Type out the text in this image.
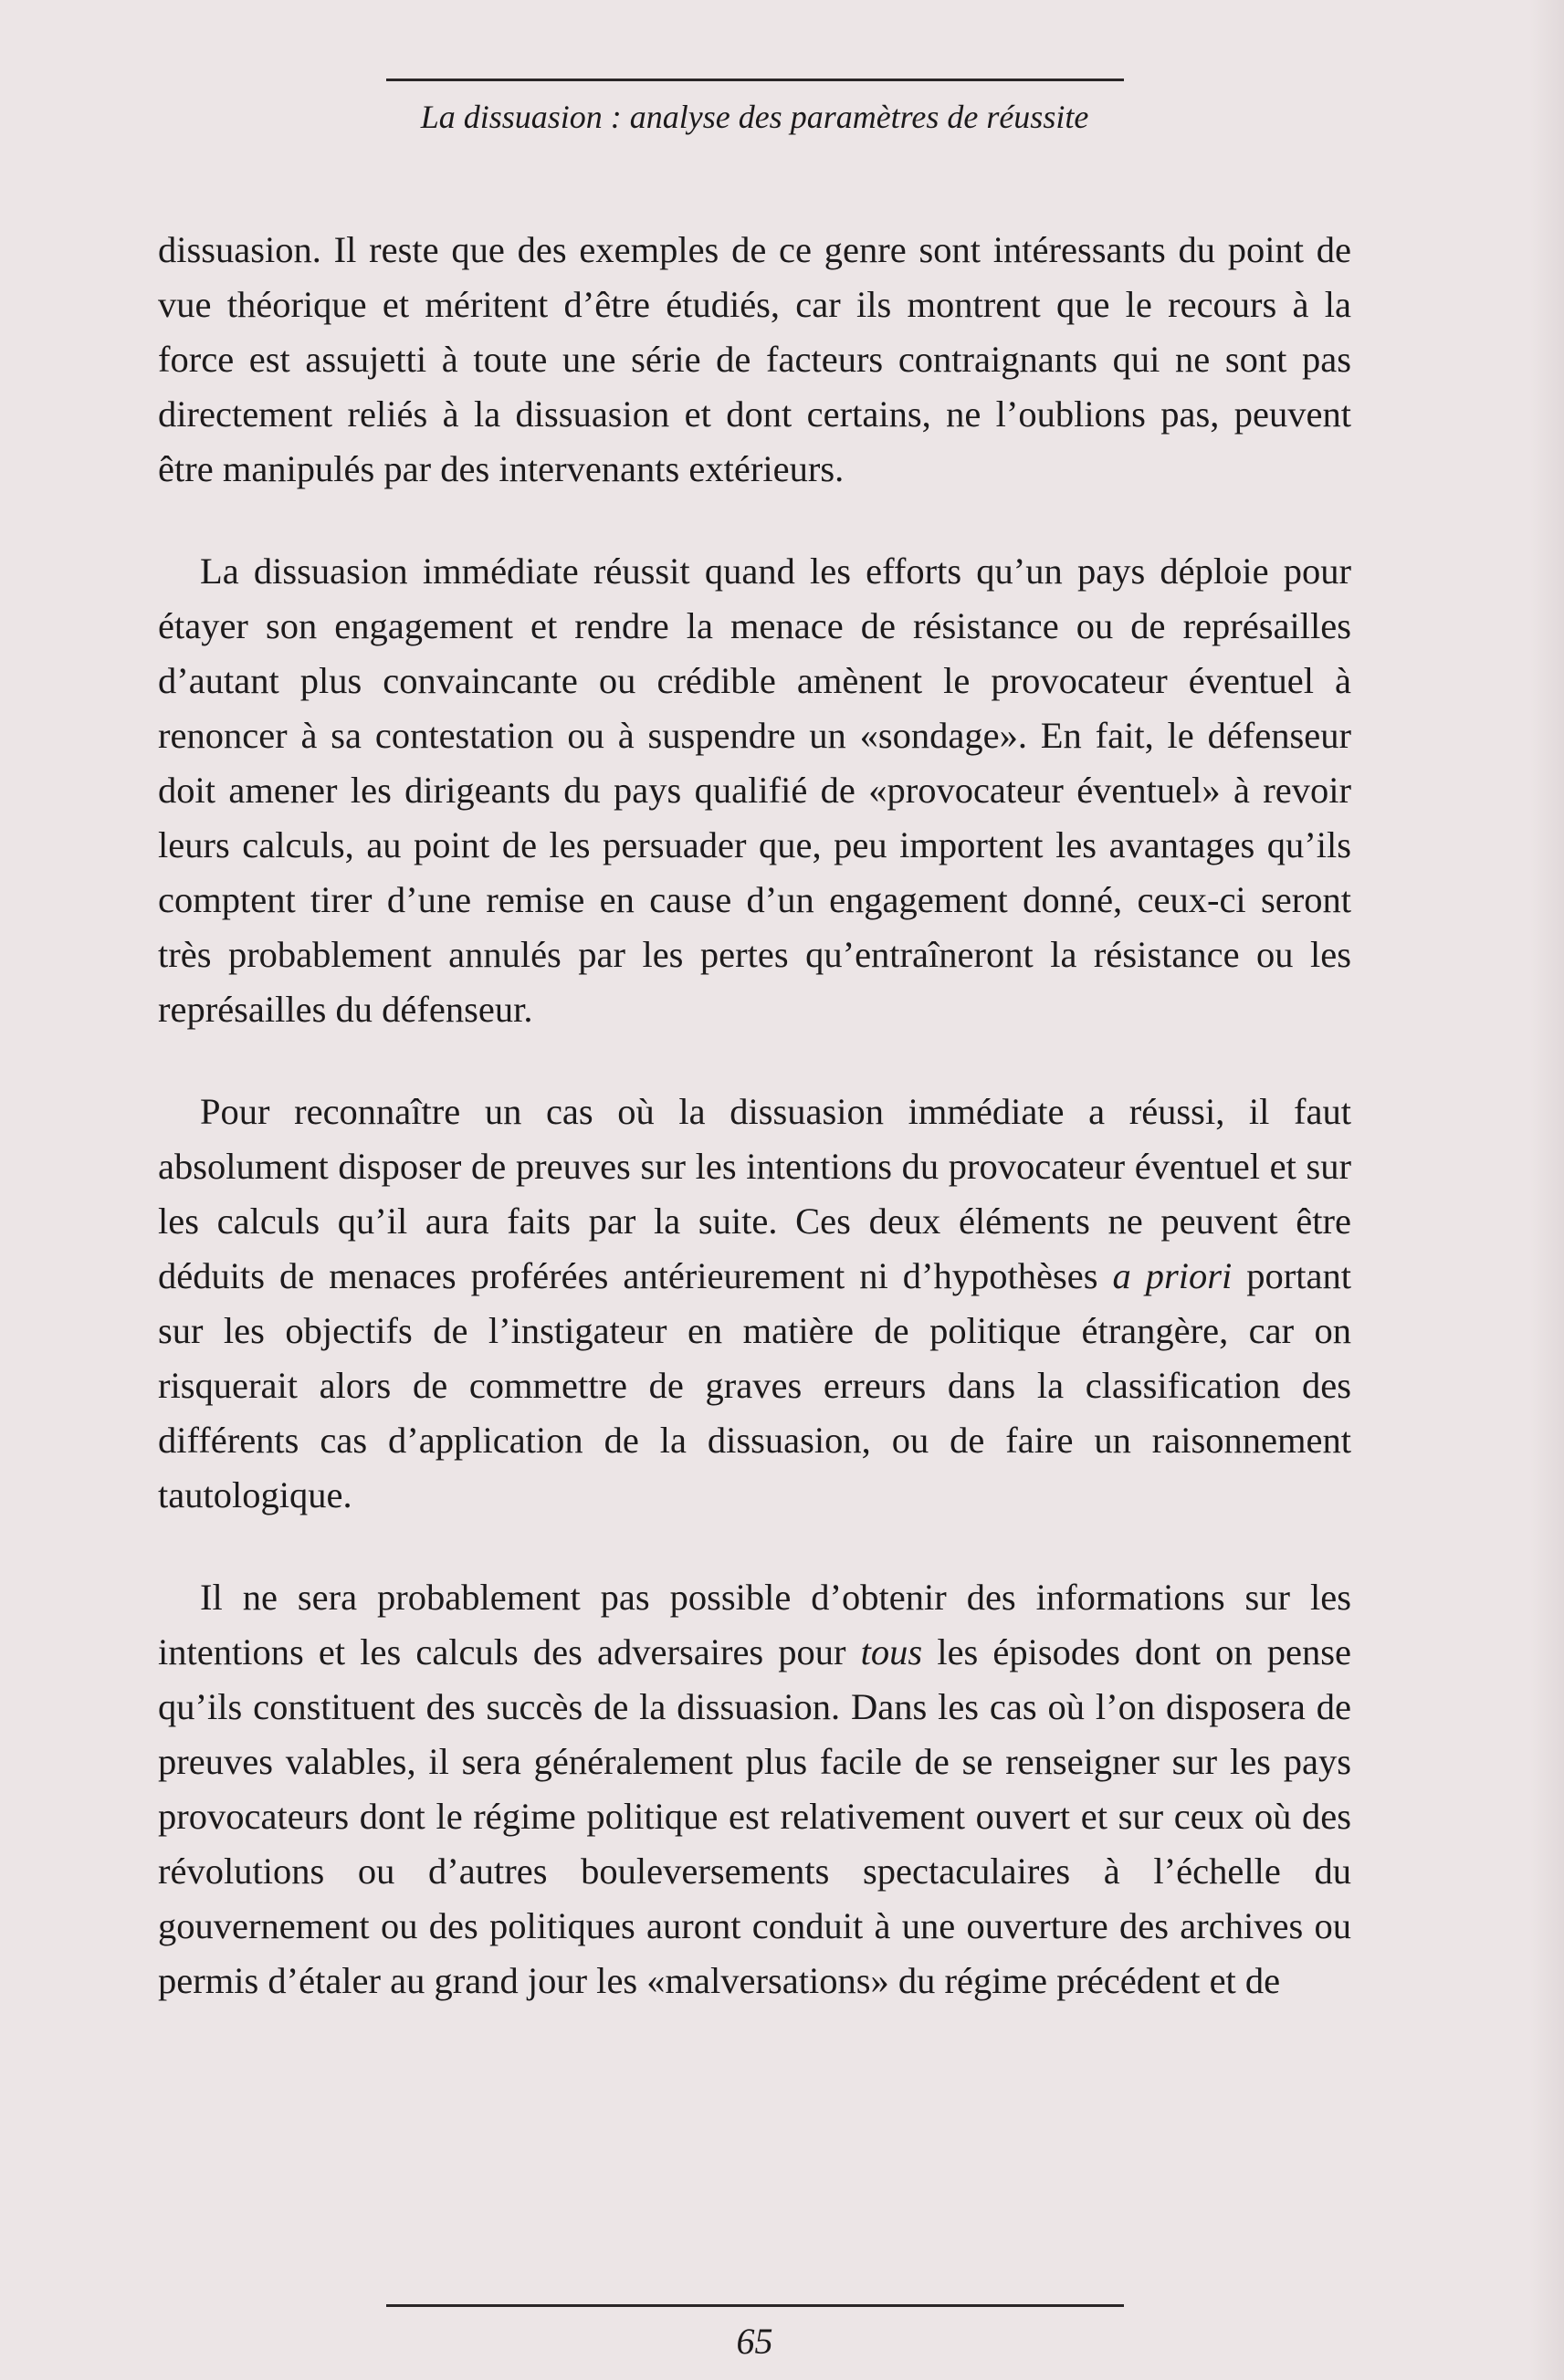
La dissuasion : analyse des paramètres de réussite

dissuasion. Il reste que des exemples de ce genre sont intéressants du point de vue théorique et méritent d’être étudiés, car ils montrent que le recours à la force est assujetti à toute une série de facteurs contraignants qui ne sont pas directement reliés à la dissuasion et dont certains, ne l’oublions pas, peuvent être manipulés par des intervenants extérieurs.

La dissuasion immédiate réussit quand les efforts qu’un pays déploie pour étayer son engagement et rendre la menace de résistance ou de représailles d’autant plus convaincante ou crédible amènent le provocateur éventuel à renoncer à sa contestation ou à suspendre un «sondage». En fait, le défenseur doit amener les dirigeants du pays qualifié de «provocateur éventuel» à revoir leurs calculs, au point de les persuader que, peu importent les avantages qu’ils comptent tirer d’une remise en cause d’un engagement donné, ceux-ci seront très probablement annulés par les pertes qu’entraîneront la résistance ou les représailles du défenseur.

Pour reconnaître un cas où la dissuasion immédiate a réussi, il faut absolument disposer de preuves sur les intentions du provocateur éventuel et sur les calculs qu’il aura faits par la suite. Ces deux éléments ne peuvent être déduits de menaces proférées antérieurement ni d’hypothèses a priori portant sur les objectifs de l’instigateur en matière de politique étrangère, car on risquerait alors de commettre de graves erreurs dans la classification des différents cas d’application de la dissuasion, ou de faire un raisonnement tautologique.

Il ne sera probablement pas possible d’obtenir des informations sur les intentions et les calculs des adversaires pour tous les épisodes dont on pense qu’ils constituent des succès de la dissuasion. Dans les cas où l’on disposera de preuves valables, il sera généralement plus facile de se renseigner sur les pays provocateurs dont le régime politique est relativement ouvert et sur ceux où des révolutions ou d’autres bouleversements spectaculaires à l’échelle du gouvernement ou des politiques auront conduit à une ouverture des archives ou permis d’étaler au grand jour les «malversations» du régime précédent et de

65
